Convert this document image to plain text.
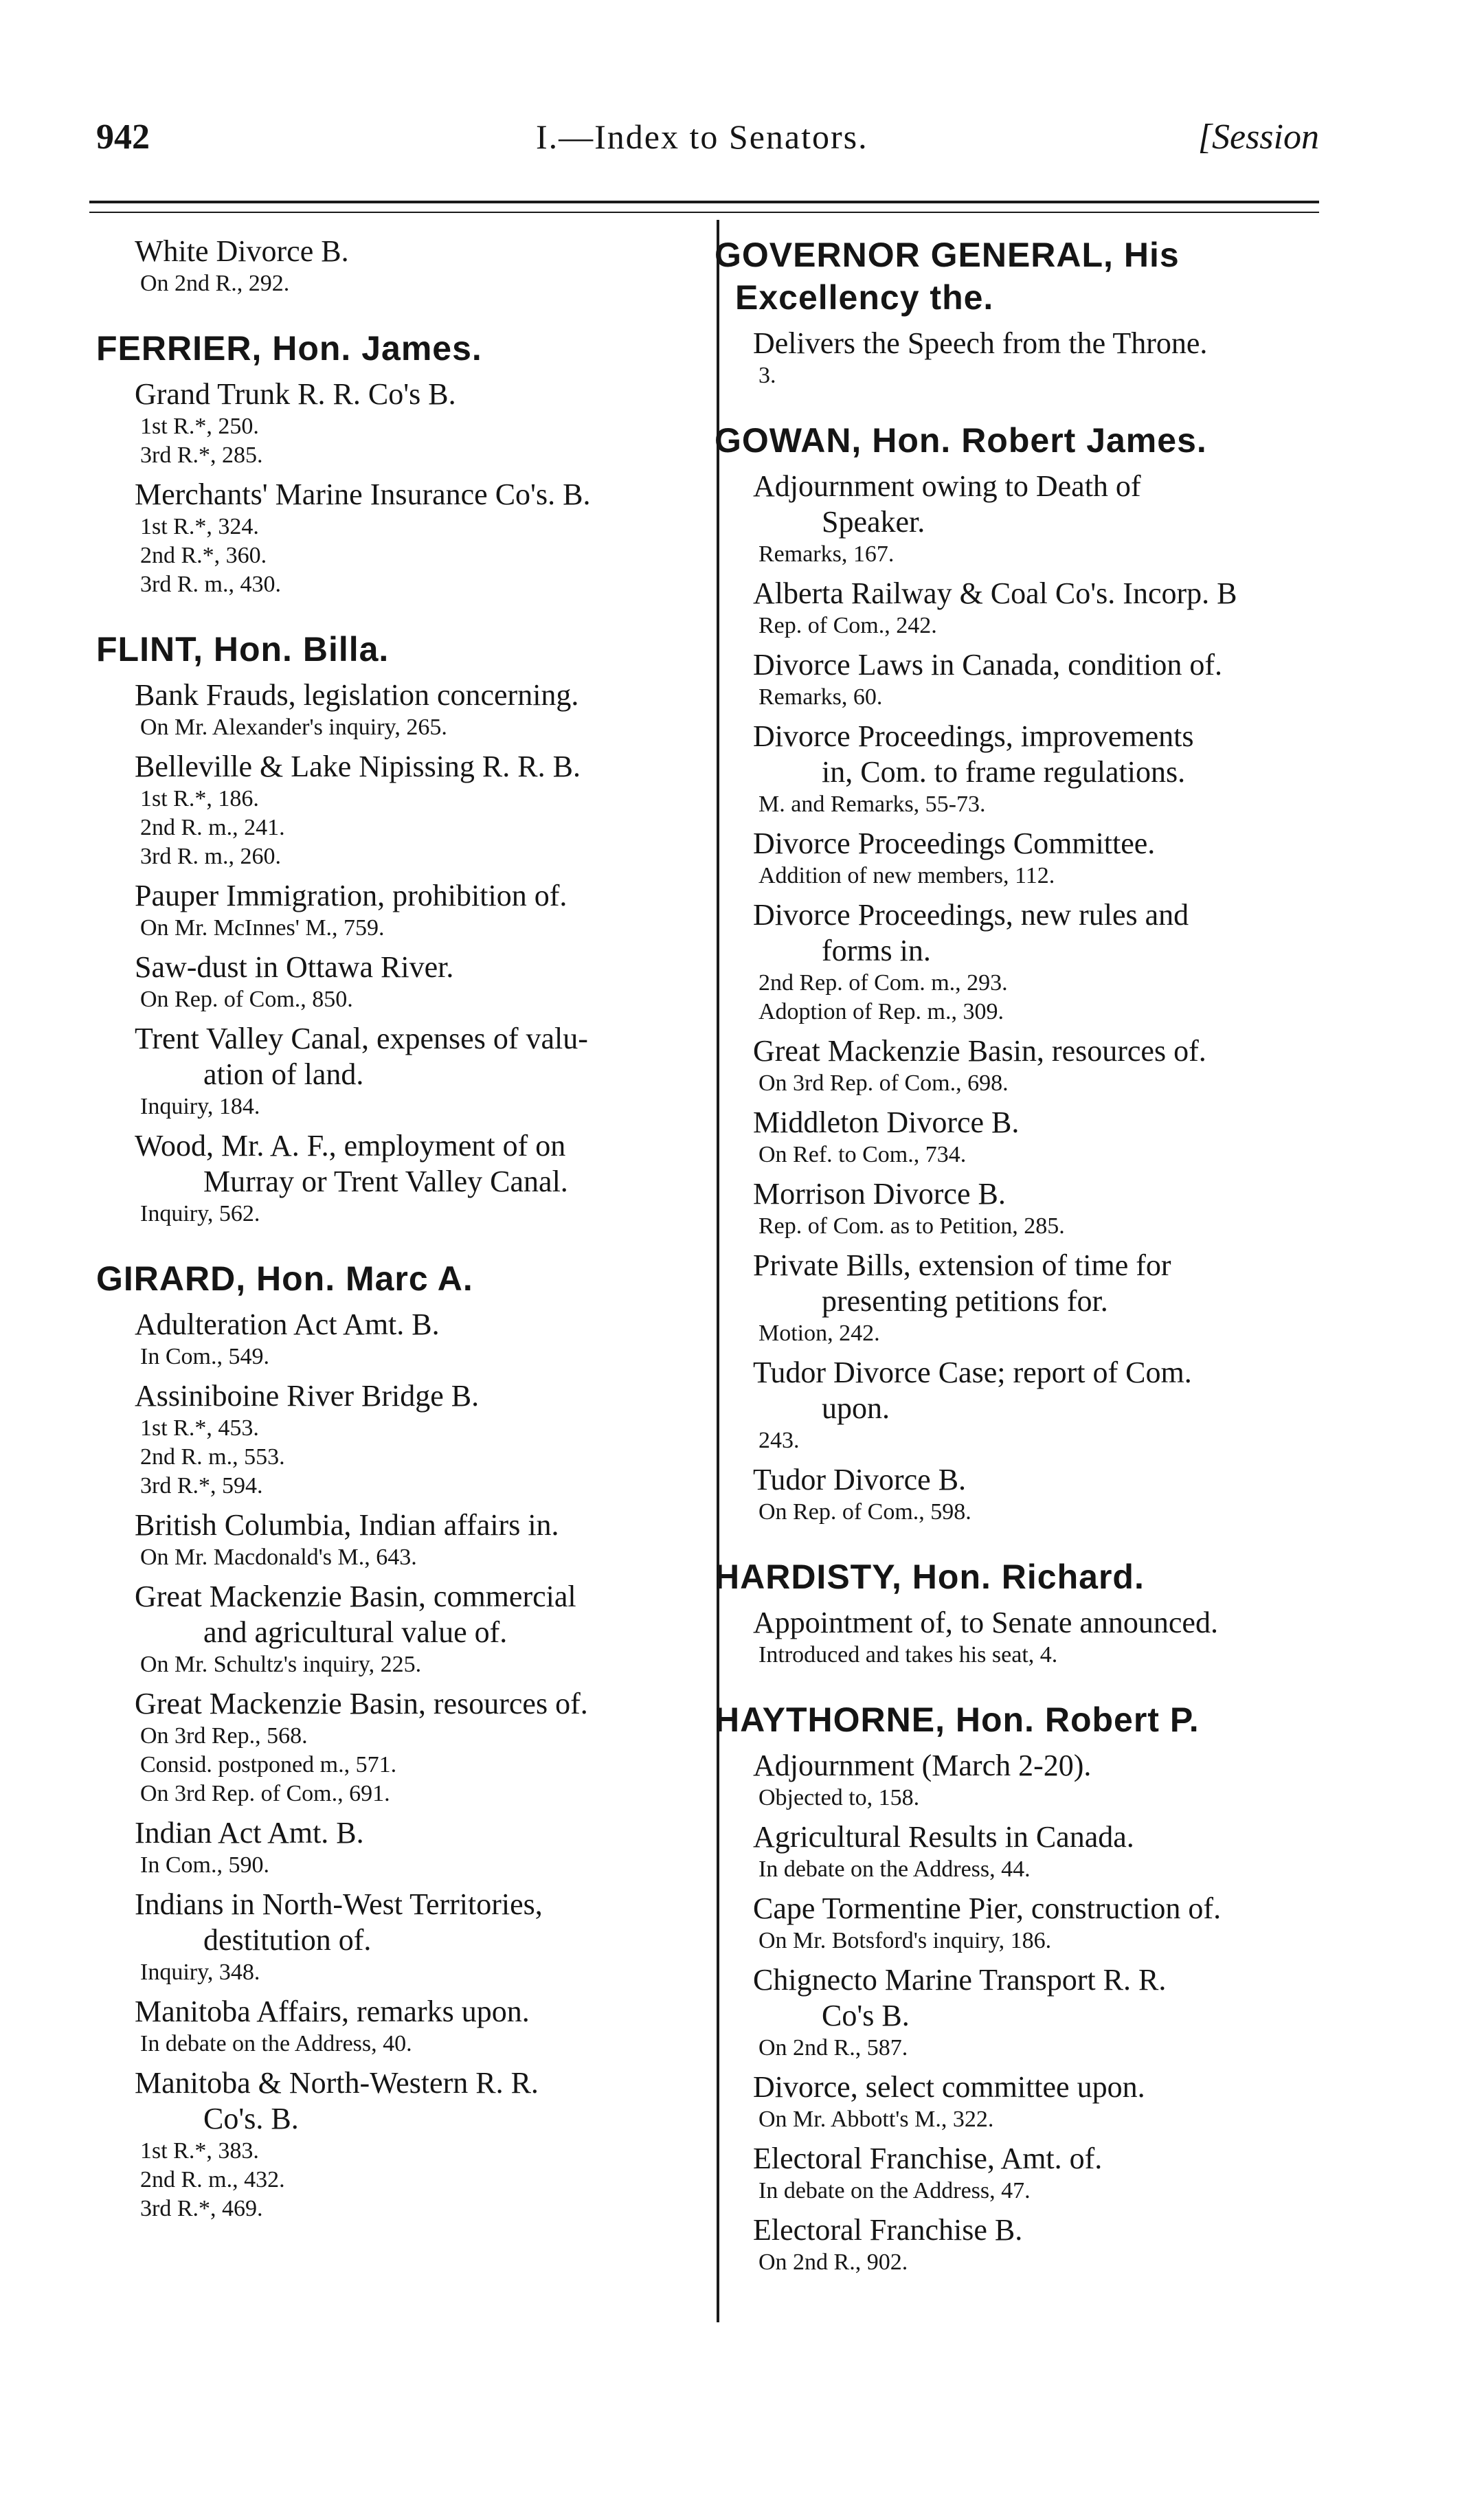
942	I.—Index to Senators.	[Session
White Divorce B.
On 2nd R., 292.
FERRIER, Hon. James.
Grand Trunk R. R. Co's B.
1st R.*, 250.
3rd R.*, 285.
Merchants' Marine Insurance Co's. B.
1st R.*, 324.
2nd R.*, 360.
3rd R. m., 430.
FLINT, Hon. Billa.
Bank Frauds, legislation concerning.
On Mr. Alexander's inquiry, 265.
Belleville & Lake Nipissing R. R. B.
1st R.*, 186.
2nd R. m., 241.
3rd R. m., 260.
Pauper Immigration, prohibition of.
On Mr. McInnes' M., 759.
Saw-dust in Ottawa River.
On Rep. of Com., 850.
Trent Valley Canal, expenses of valu-
ation of land.
Inquiry, 184.
Wood, Mr. A. F., employment of on
Murray or Trent Valley Canal.
Inquiry, 562.
GIRARD, Hon. Marc A.
Adulteration Act Amt. B.
In Com., 549.
Assiniboine River Bridge B.
1st R.*, 453.
2nd R. m., 553.
3rd R.*, 594.
British Columbia, Indian affairs in.
On Mr. Macdonald's M., 643.
Great Mackenzie Basin, commercial
and agricultural value of.
On Mr. Schultz's inquiry, 225.
Great Mackenzie Basin, resources of.
On 3rd Rep., 568.
Consid. postponed m., 571.
On 3rd Rep. of Com., 691.
Indian Act Amt. B.
In Com., 590.
Indians in North-West Territories,
destitution of.
Inquiry, 348.
Manitoba Affairs, remarks upon.
In debate on the Address, 40.
Manitoba & North-Western R. R.
Co's. B.
1st R.*, 383.
2nd R. m., 432.
3rd R.*, 469.
GOVERNOR GENERAL, His
Excellency the.
Delivers the Speech from the Throne.
3.
GOWAN, Hon. Robert James.
Adjournment owing to Death of
Speaker.
Remarks, 167.
Alberta Railway & Coal Co's. Incorp. B
Rep. of Com., 242.
Divorce Laws in Canada, condition of.
Remarks, 60.
Divorce Proceedings, improvements
in, Com. to frame regulations.
M. and Remarks, 55-73.
Divorce Proceedings Committee.
Addition of new members, 112.
Divorce Proceedings, new rules and
forms in.
2nd Rep. of Com. m., 293.
Adoption of Rep. m., 309.
Great Mackenzie Basin, resources of.
On 3rd Rep. of Com., 698.
Middleton Divorce B.
On Ref. to Com., 734.
Morrison Divorce B.
Rep. of Com. as to Petition, 285.
Private Bills, extension of time for
presenting petitions for.
Motion, 242.
Tudor Divorce Case; report of Com.
upon.
243.
Tudor Divorce B.
On Rep. of Com., 598.
HARDISTY, Hon. Richard.
Appointment of, to Senate announced.
Introduced and takes his seat, 4.
HAYTHORNE, Hon. Robert P.
Adjournment (March 2-20).
Objected to, 158.
Agricultural Results in Canada.
In debate on the Address, 44.
Cape Tormentine Pier, construction of.
On Mr. Botsford's inquiry, 186.
Chignecto Marine Transport R. R.
Co's B.
On 2nd R., 587.
Divorce, select committee upon.
On Mr. Abbott's M., 322.
Electoral Franchise, Amt. of.
In debate on the Address, 47.
Electoral Franchise B.
On 2nd R., 902.
